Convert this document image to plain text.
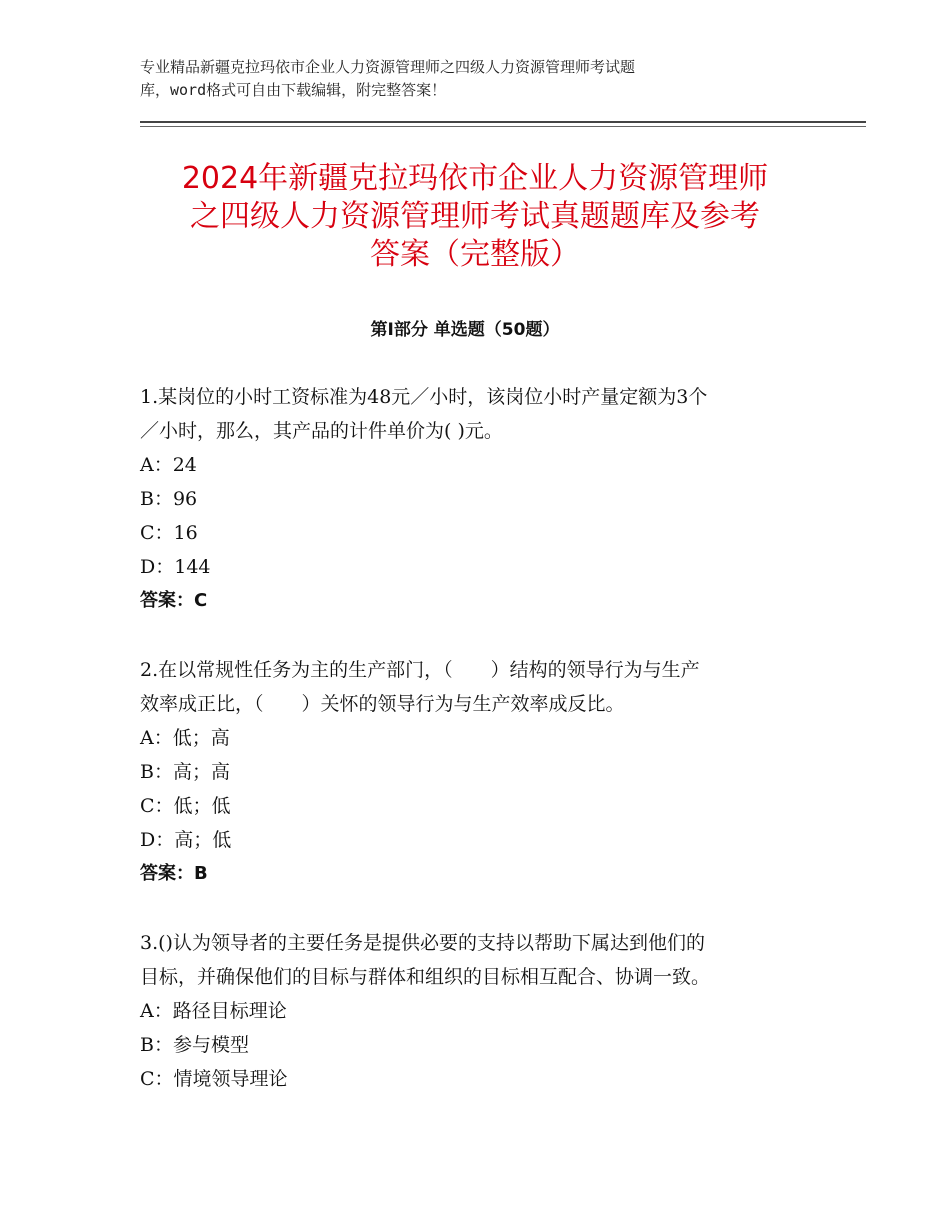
专业精品新疆克拉玛依市企业人力资源管理师之四级人力资源管理师考试题
库，word格式可自由下载编辑，附完整答案！
2024年新疆克拉玛依市企业人力资源管理师
之四级人力资源管理师考试真题题库及参考
答案（完整版）
第Ⅰ部分 单选题（50题）
1.某岗位的小时工资标准为48元／小时，该岗位小时产量定额为3个
／小时，那么，其产品的计件单价为( )元。
A：24
B：96
C：16
D：144
答案：C
2.在以常规性任务为主的生产部门，（　　）结构的领导行为与生产
效率成正比，（　　）关怀的领导行为与生产效率成反比。
A：低；高
B：高；高
C：低；低
D：高；低
答案：B
3.()认为领导者的主要任务是提供必要的支持以帮助下属达到他们的
目标，并确保他们的目标与群体和组织的目标相互配合、协调一致。
A：路径目标理论
B：参与模型
C：情境领导理论
